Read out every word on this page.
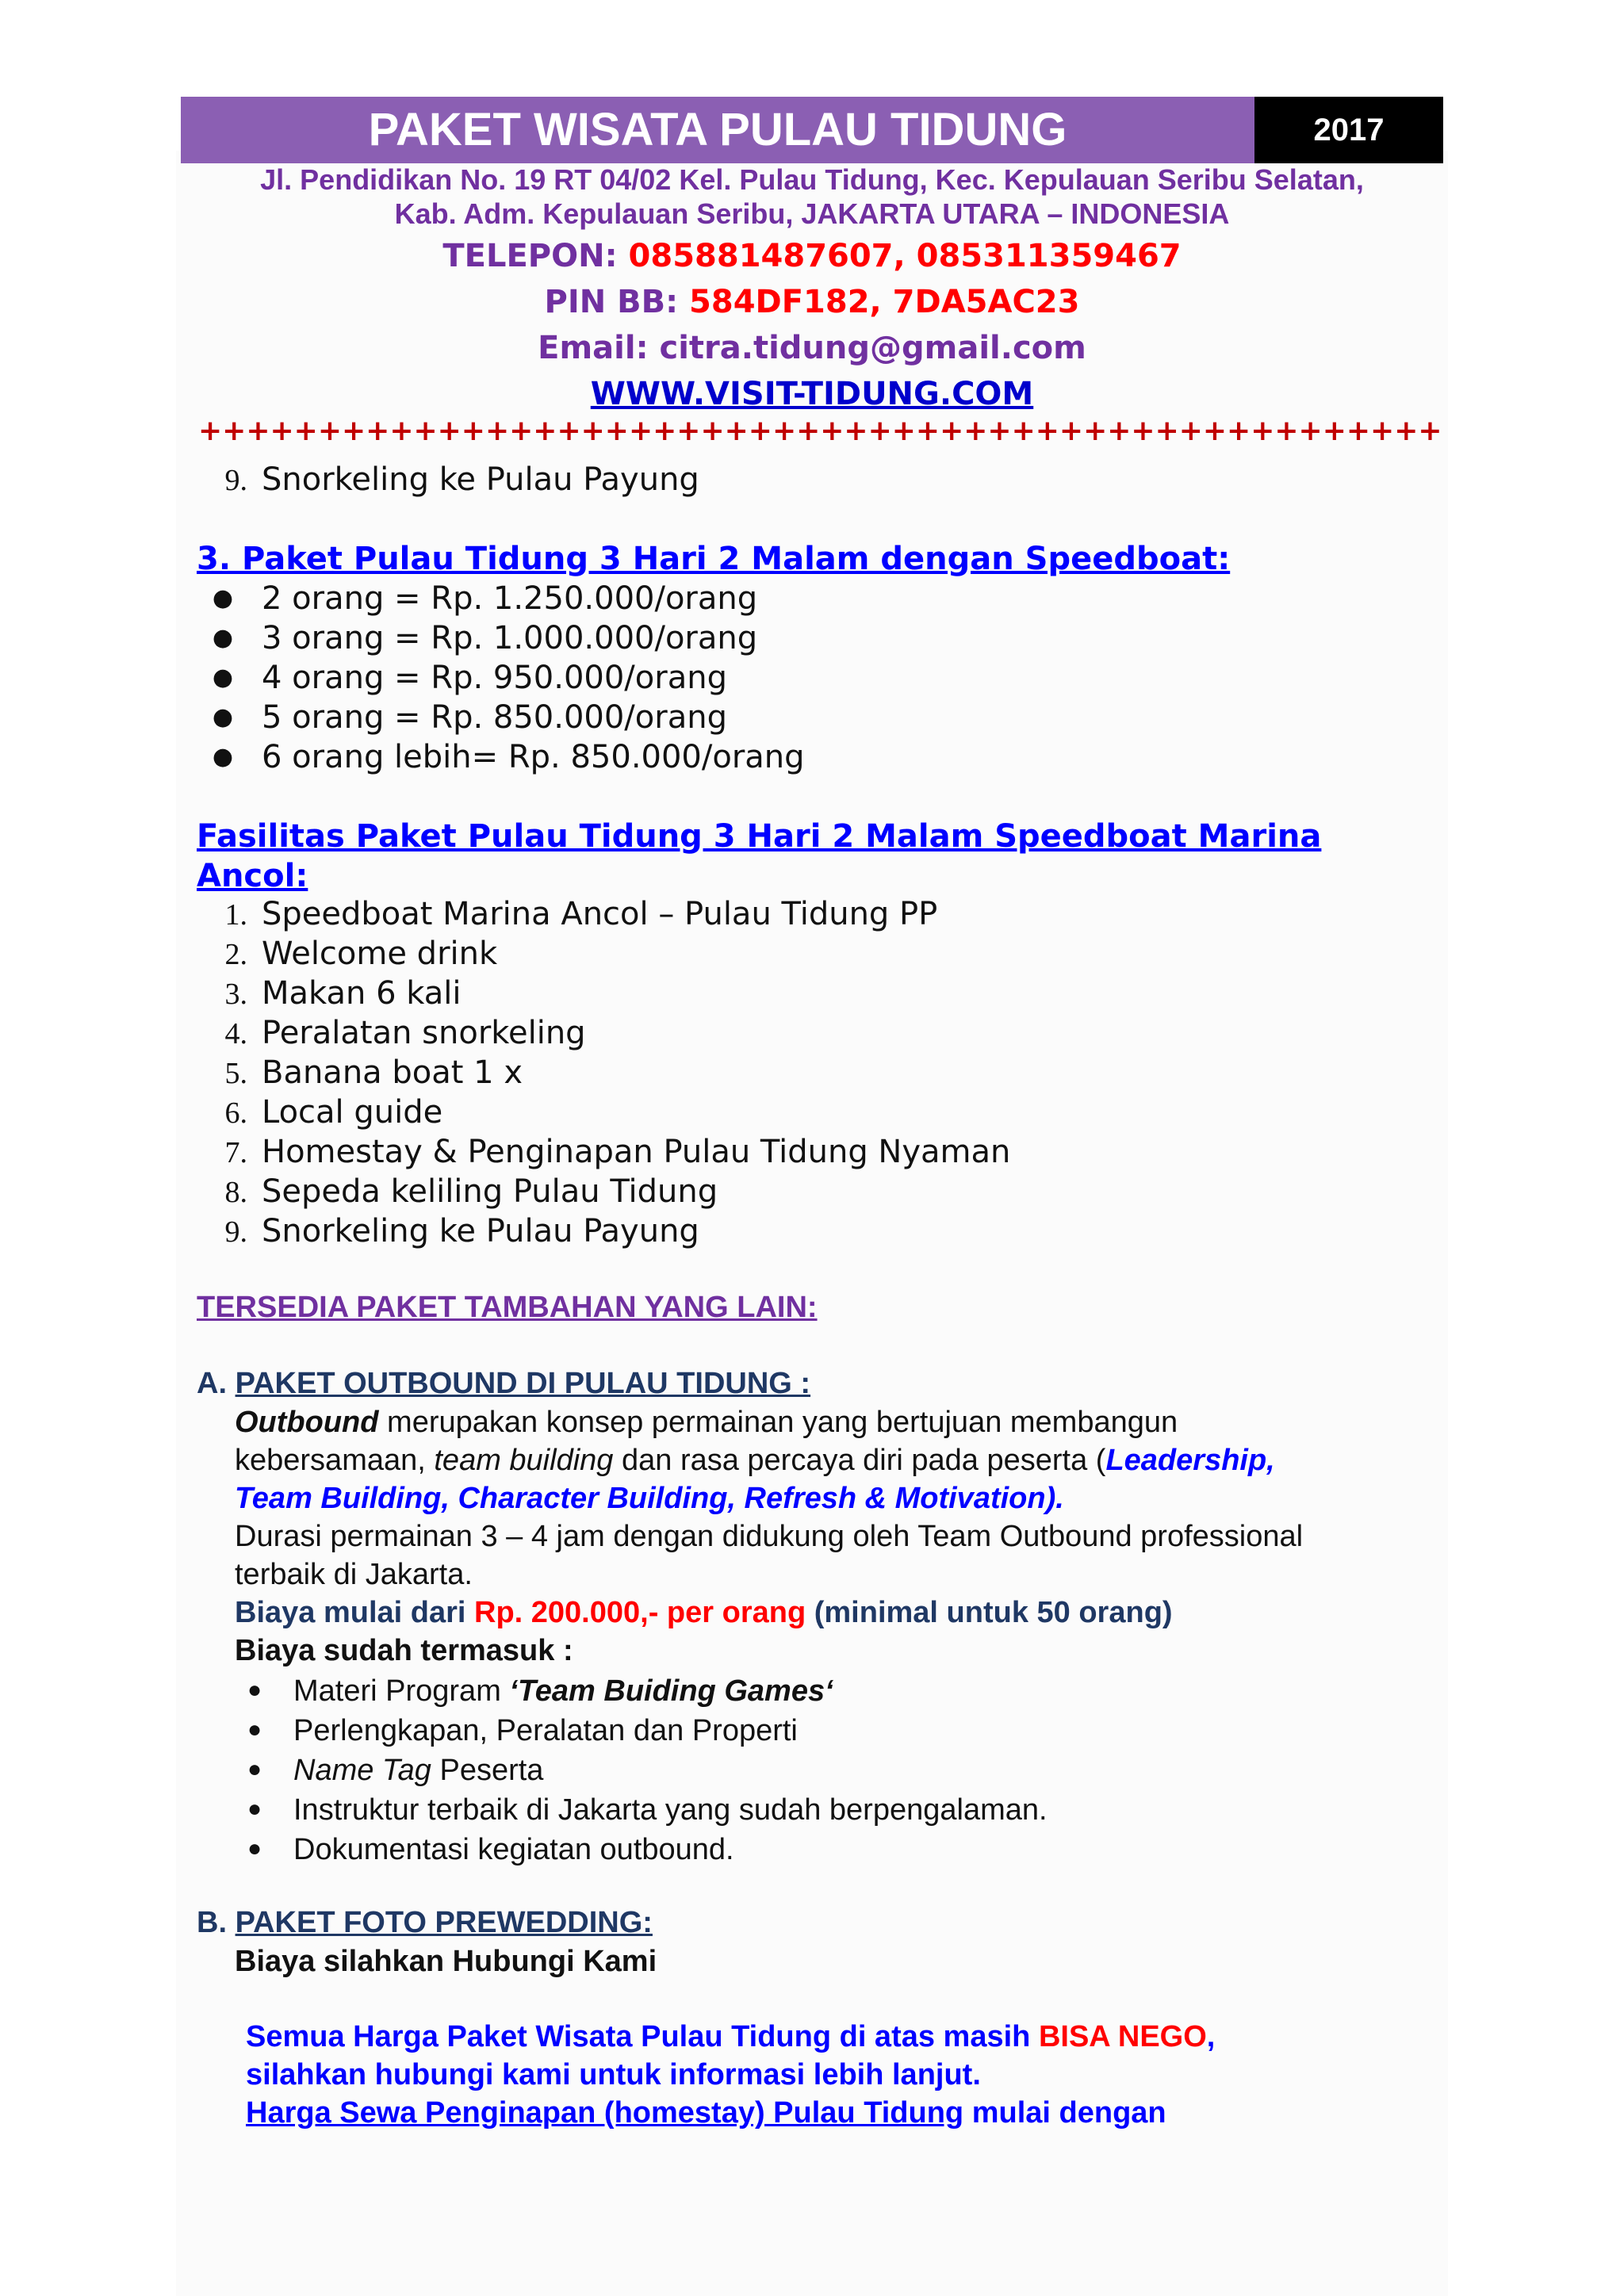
PAKET WISATA PULAU TIDUNG	2017
Jl. Pendidikan No. 19 RT 04/02 Kel. Pulau Tidung, Kec. Kepulauan Seribu Selatan,
Kab. Adm. Kepulauan Seribu, JAKARTA UTARA – INDONESIA
TELEPON: 085881487607, 085311359467
PIN BB: 584DF182, 7DA5AC23
Email: citra.tidung@gmail.com
WWW.VISIT-TIDUNG.COM
++++++++++++++++++++++++++++++++++++++++++++++++++++
9. Snorkeling ke Pulau Payung
3. Paket Pulau Tidung 3 Hari 2 Malam dengan Speedboat:
● 2 orang = Rp. 1.250.000/orang
● 3 orang = Rp. 1.000.000/orang
● 4 orang = Rp. 950.000/orang
● 5 orang = Rp. 850.000/orang
● 6 orang lebih= Rp. 850.000/orang
Fasilitas Paket Pulau Tidung 3 Hari 2 Malam Speedboat Marina
Ancol:
1. Speedboat Marina Ancol – Pulau Tidung PP
2. Welcome drink
3. Makan 6 kali
4. Peralatan snorkeling
5. Banana boat 1 x
6. Local guide
7. Homestay & Penginapan Pulau Tidung Nyaman
8. Sepeda keliling Pulau Tidung
9. Snorkeling ke Pulau Payung
TERSEDIA PAKET TAMBAHAN YANG LAIN:
A. PAKET OUTBOUND DI PULAU TIDUNG :
Outbound merupakan konsep permainan yang bertujuan membangun
kebersamaan, team building dan rasa percaya diri pada peserta (Leadership,
Team Building, Character Building, Refresh & Motivation).
Durasi permainan 3 – 4 jam dengan didukung oleh Team Outbound professional
terbaik di Jakarta.
Biaya mulai dari Rp. 200.000,- per orang (minimal untuk 50 orang)
Biaya sudah termasuk :
● Materi Program ‘Team Buiding Games‘
● Perlengkapan, Peralatan dan Properti
● Name Tag Peserta
● Instruktur terbaik di Jakarta yang sudah berpengalaman.
● Dokumentasi kegiatan outbound.
B. PAKET FOTO PREWEDDING:
Biaya silahkan Hubungi Kami
Semua Harga Paket Wisata Pulau Tidung di atas masih BISA NEGO,
silahkan hubungi kami untuk informasi lebih lanjut.
Harga Sewa Penginapan (homestay) Pulau Tidung mulai dengan
